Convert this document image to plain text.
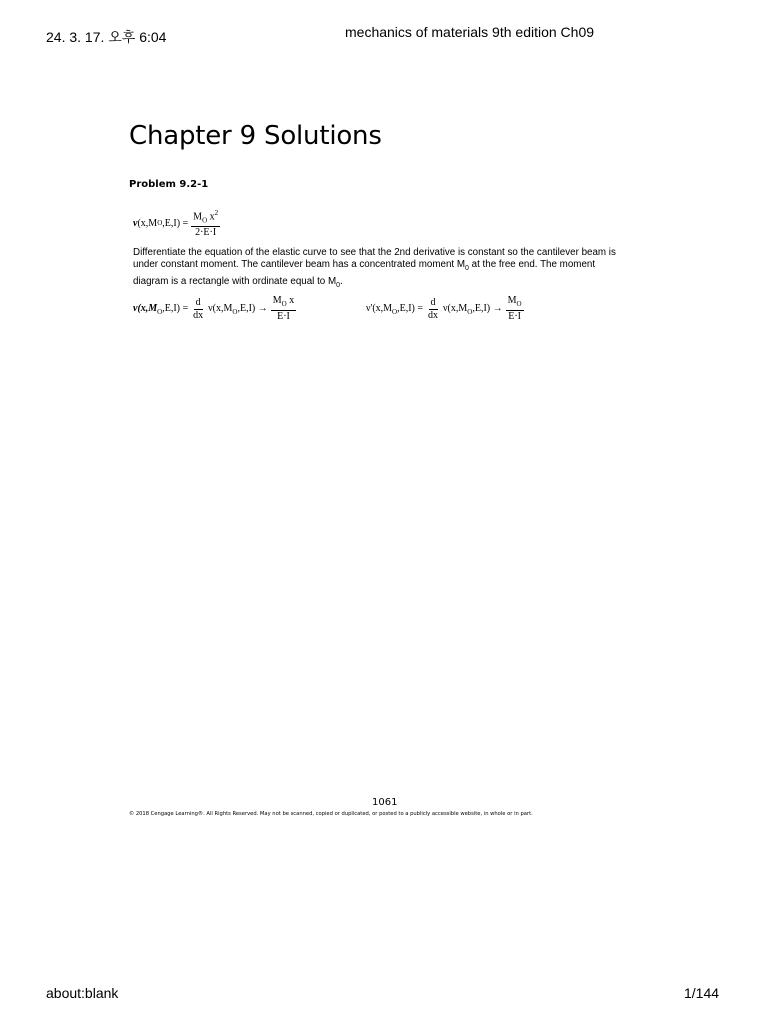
24. 3. 17. 오후 6:04	mechanics of materials 9th edition Ch09
about:blank	1/144
Chapter 9 Solutions
Problem 9.2-1
ν (x,M O $,E,I) = \frac{M_O x^2}{2\cdot E\cdot I}$
Differentiate the equation of the elastic curve to see that the 2nd derivative is constant so the cantilever beam is under constant moment. The cantilever beam has a concentrated moment $M_0$ at the free end. The moment diagram is a rectangle with ordinate equal to $M_0$.
$\nu(x,M_O,E,I) = \frac{d}{dx} \nu(x,M_O,E,I) \to \frac{M_O x}{E\cdot I}$	$\nu'(x,M_O,E,I) = \frac{d}{dx} \nu(x,M_O,E,I) \to \frac{M_O}{E\cdot I}$
1061
© 2018 Cengage Learning®. All Rights Reserved. May not be scanned, copied or duplicated, or posted to a publicly accessible website, in whole or in part.
